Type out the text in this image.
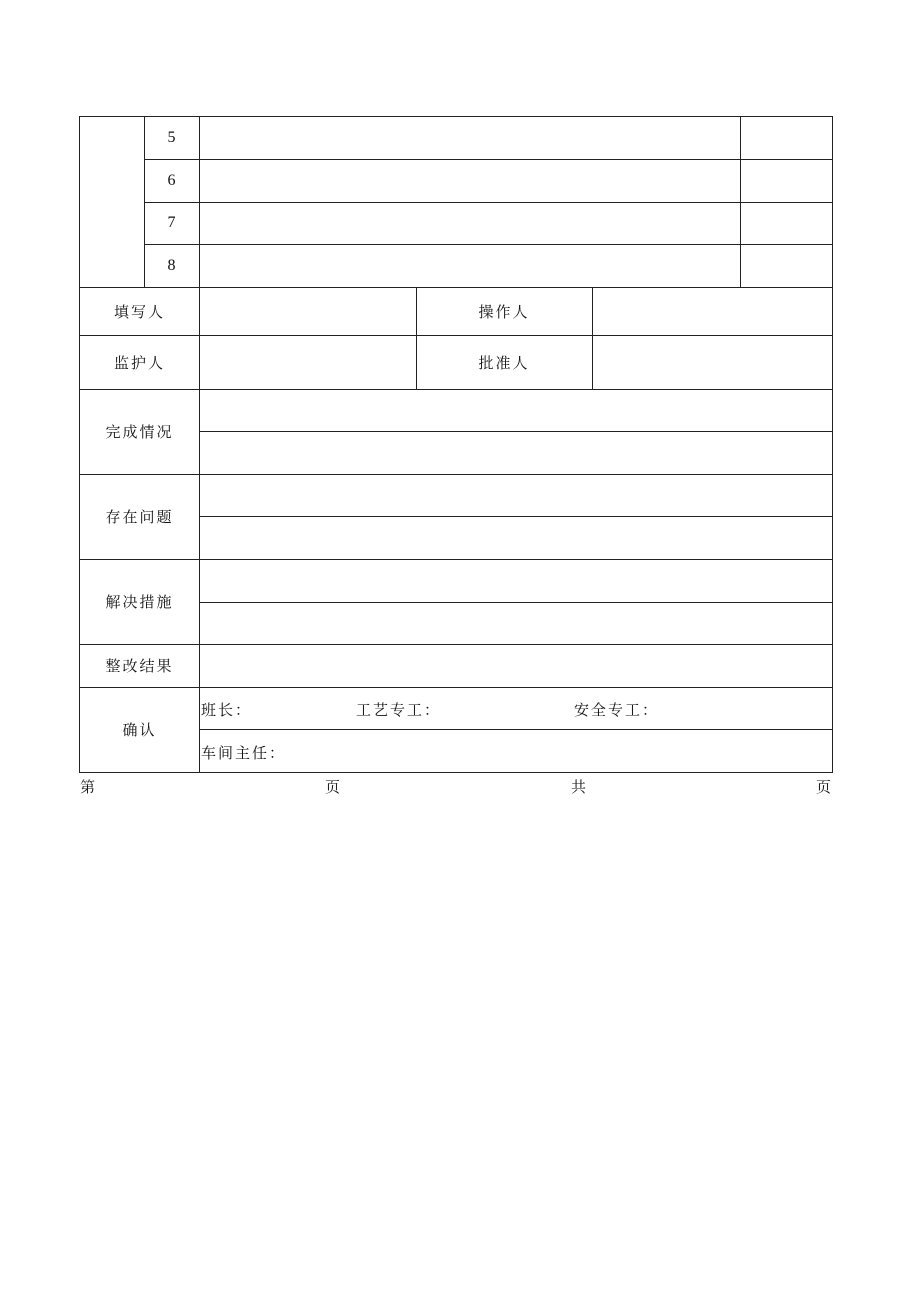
5
6
7
8
填写人	操作人
监护人	批准人
完成情况
存在问题
解决措施
整改结果
确认
班长：	工艺专工：	安全专工：
车间主任：
第	页	共	页
